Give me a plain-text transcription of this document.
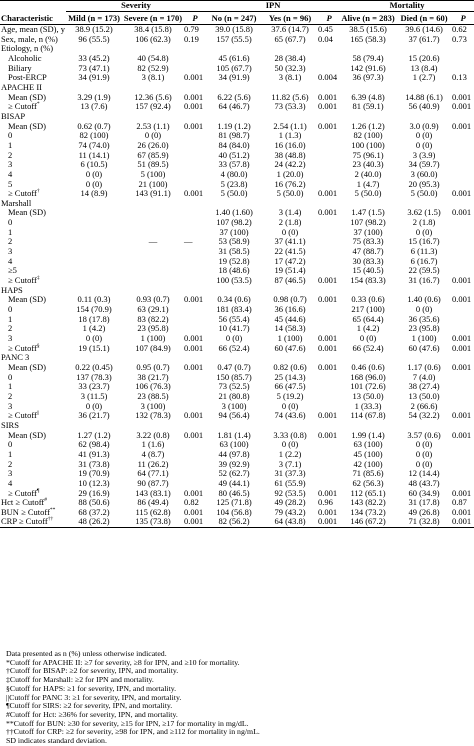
	Severity			IPN			Mortality		
Characteristic	Mild (n = 173)	Severe (n = 170)	P	No (n = 247)	Yes (n = 96)	P	Alive (n = 283)	Died (n = 60)	P
Age, mean (SD), y	38.9 (15.2)	38.4 (15.8)	0.79	39.0 (15.8)	37.6 (14.7)	0.45	38.5 (15.6)	39.6 (14.6)	0.62
Sex, male, n (%)	96 (55.5)	106 (62.3)	0.19	157 (55.5)	65 (67.7)	0.04	165 (58.3)	37 (61.7)	0.73
Etiology, n (%)									
Alcoholic	33 (45.2)	40 (54.8)		45 (61.6)	28 (38.4)		58 (79.4)	15 (20.6)	
Biliary	73 (47.1)	82 (52.9)		105 (67.7)	50 (32.3)		142 (91.6)	13 (8.4)	
Post-ERCP	34 (91.9)	3 (8.1)	0.001	34 (91.9)	3 (8.1)	0.004	36 (97.3)	1 (2.7)	0.13
APACHE II									
Mean (SD)	3.29 (1.9)	12.36 (5.6)	0.001	6.22 (5.6)	11.82 (5.6)	0.001	6.39 (4.8)	14.88 (6.1)	0.001
≥ Cutoff*	13 (7.6)	157 (92.4)	0.001	64 (46.7)	73 (53.3)	0.001	81 (59.1)	56 (40.9)	0.001
BISAP									
Mean (SD)	0.62 (0.7)	2.53 (1.1)	0.001	1.19 (1.2)	2.54 (1.1)	0.001	1.26 (1.2)	3.0 (0.9)	0.001
0	82 (100)	0 (0)		81 (98.7)	1 (1.3)		82 (100)	0 (0)	
1	74 (74.0)	26 (26.0)		84 (84.0)	16 (16.0)		100 (100)	0 (0)	
2	11 (14.1)	67 (85.9)		40 (51.2)	38 (48.8)		75 (96.1)	3 (3.9)	
3	6 (10.5)	51 (89.5)		33 (57.8)	24 (42.2)		23 (40.3)	34 (59.7)	
4	0 (0)	5 (100)		4 (80.0)	1 (20.0)		2 (40.0)	3 (60.0)	
5	0 (0)	21 (100)		5 (23.8)	16 (76.2)		1 (4.7)	20 (95.3)	
≥ Cutoff†	14 (8.9)	143 (91.1)	0.001	5 (50.0)	5 (50.0)	0.001	5 (50.0)	5 (50.0)	0.001
Marshall									
Mean (SD)				1.40 (1.60)	3 (1.4)	0.001	1.47 (1.5)	3.62 (1.5)	0.001
0				107 (98.2)	2 (1.8)		107 (98.2)	2 (1.8)	
1				37 (100)	0 (0)		37 (100)	0 (0)	
2		—	—	53 (58.9)	37 (41.1)		75 (83.3)	15 (16.7)	
3				31 (58.5)	22 (41.5)		47 (88.7)	6 (11.3)	
4				19 (52.8)	17 (47.2)		30 (83.3)	6 (16.7)	
≥5				18 (48.6)	19 (51.4)		15 (40.5)	22 (59.5)	
≥ Cutoff‡				100 (53.5)	87 (46.5)	0.001	154 (83.3)	31 (16.7)	0.001
HAPS									
Mean (SD)	0.11 (0.3)	0.93 (0.7)	0.001	0.34 (0.6)	0.98 (0.7)	0.001	0.33 (0.6)	1.40 (0.6)	0.001
0	154 (70.9)	63 (29.1)		181 (83.4)	36 (16.6)		217 (100)	0 (0)	
1	18 (17.8)	83 (82.2)		56 (55.4)	45 (44.6)		65 (64.4)	36 (35.6)	
2	1 (4.2)	23 (95.8)		10 (41.7)	14 (58.3)		1 (4.2)	23 (95.8)	
3	0 (0)	1 (100)	0.001	0 (0)	1 (100)	0.001	0 (0)	1 (100)	0.001
≥ Cutoff§	19 (15.1)	107 (84.9)	0.001	66 (52.4)	60 (47.6)	0.001	66 (52.4)	60 (47.6)	0.001
PANC 3									
Mean (SD)	0.22 (0.45)	0.95 (0.7)	0.001	0.47 (0.7)	0.82 (0.6)	0.001	0.46 (0.6)	1.17 (0.6)	0.001
0	137 (78.3)	38 (21.7)		150 (85.7)	25 (14.3)		168 (96.0)	7 (4.0)	
1	33 (23.7)	106 (76.3)		73 (52.5)	66 (47.5)		101 (72.6)	38 (27.4)	
2	3 (11.5)	23 (88.5)		21 (80.8)	5 (19.2)		13 (50.0)	13 (50.0)	
3	0 (0)	3 (100)		3 (100)	0 (0)		1 (33.3)	2 (66.6)	
≥ Cutoff||	36 (21.7)	132 (78.3)	0.001	94 (56.4)	74 (43.6)	0.001	114 (67.8)	54 (32.2)	0.001
SIRS									
Mean (SD)	1.27 (1.2)	3.22 (0.8)	0.001	1.81 (1.4)	3.33 (0.8)	0.001	1.99 (1.4)	3.57 (0.6)	0.001
0	62 (98.4)	1 (1.6)		63 (100)	0 (0)		63 (100)	0 (0)	
1	41 (91.3)	4 (8.7)		44 (97.8)	1 (2.2)		45 (100)	0 (0)	
2	31 (73.8)	11 (26.2)		39 (92.9)	3 (7.1)		42 (100)	0 (0)	
3	19 (70.9)	64 (77.1)		52 (62.7)	31 (37.3)		71 (85.6)	12 (14.4)	
4	10 (12.3)	90 (87.7)		49 (44.1)	61 (55.9)		62 (56.3)	48 (43.7)	
≥ Cutoff¶	29 (16.9)	143 (83.1)	0.001	80 (46.5)	92 (53.5)	0.001	112 (65.1)	60 (34.9)	0.001
Hct ≥ Cutoff#	88 (50.6)	86 (49.4)	0.82	125 (71.8)	49 (28.2)	0.96	143 (82.2)	31 (17.8)	0.87
BUN ≥ Cutoff**	68 (37.2)	115 (62.8)	0.001	104 (56.8)	79 (43.2)	0.001	134 (73.2)	49 (26.8)	0.001
CRP ≥ Cutoff††	48 (26.2)	135 (73.8)	0.001	82 (56.2)	64 (43.8)	0.001	146 (67.2)	71 (32.8)	0.001
Data presented as n (%) unless otherwise indicated.
*Cutoff for APACHE II: ≥7 for severity, ≥8 for IPN, and ≥10 for mortality.
†Cutoff for BISAP: ≥2 for severity, IPN, and mortality.
‡Cutoff for Marshall: ≥2 for IPN and mortality.
§Cutoff for HAPS: ≥1 for severity, IPN, and mortality.
||Cutoff for PANC 3: ≥1 for severity, IPN, and mortality.
¶Cutoff for SIRS: ≥2 for severity, IPN, and mortality.
#Cutoff for Hct: ≥36% for severity, IPN, and mortality.
**Cutoff for BUN: ≥30 for severity, ≥15 for IPN, ≥17 for mortality in mg/dL.
††Cutoff for CRP: ≥2 for severity, ≥98 for IPN, and ≥112 for mortality in ng/mL.
SD indicates standard deviation.
